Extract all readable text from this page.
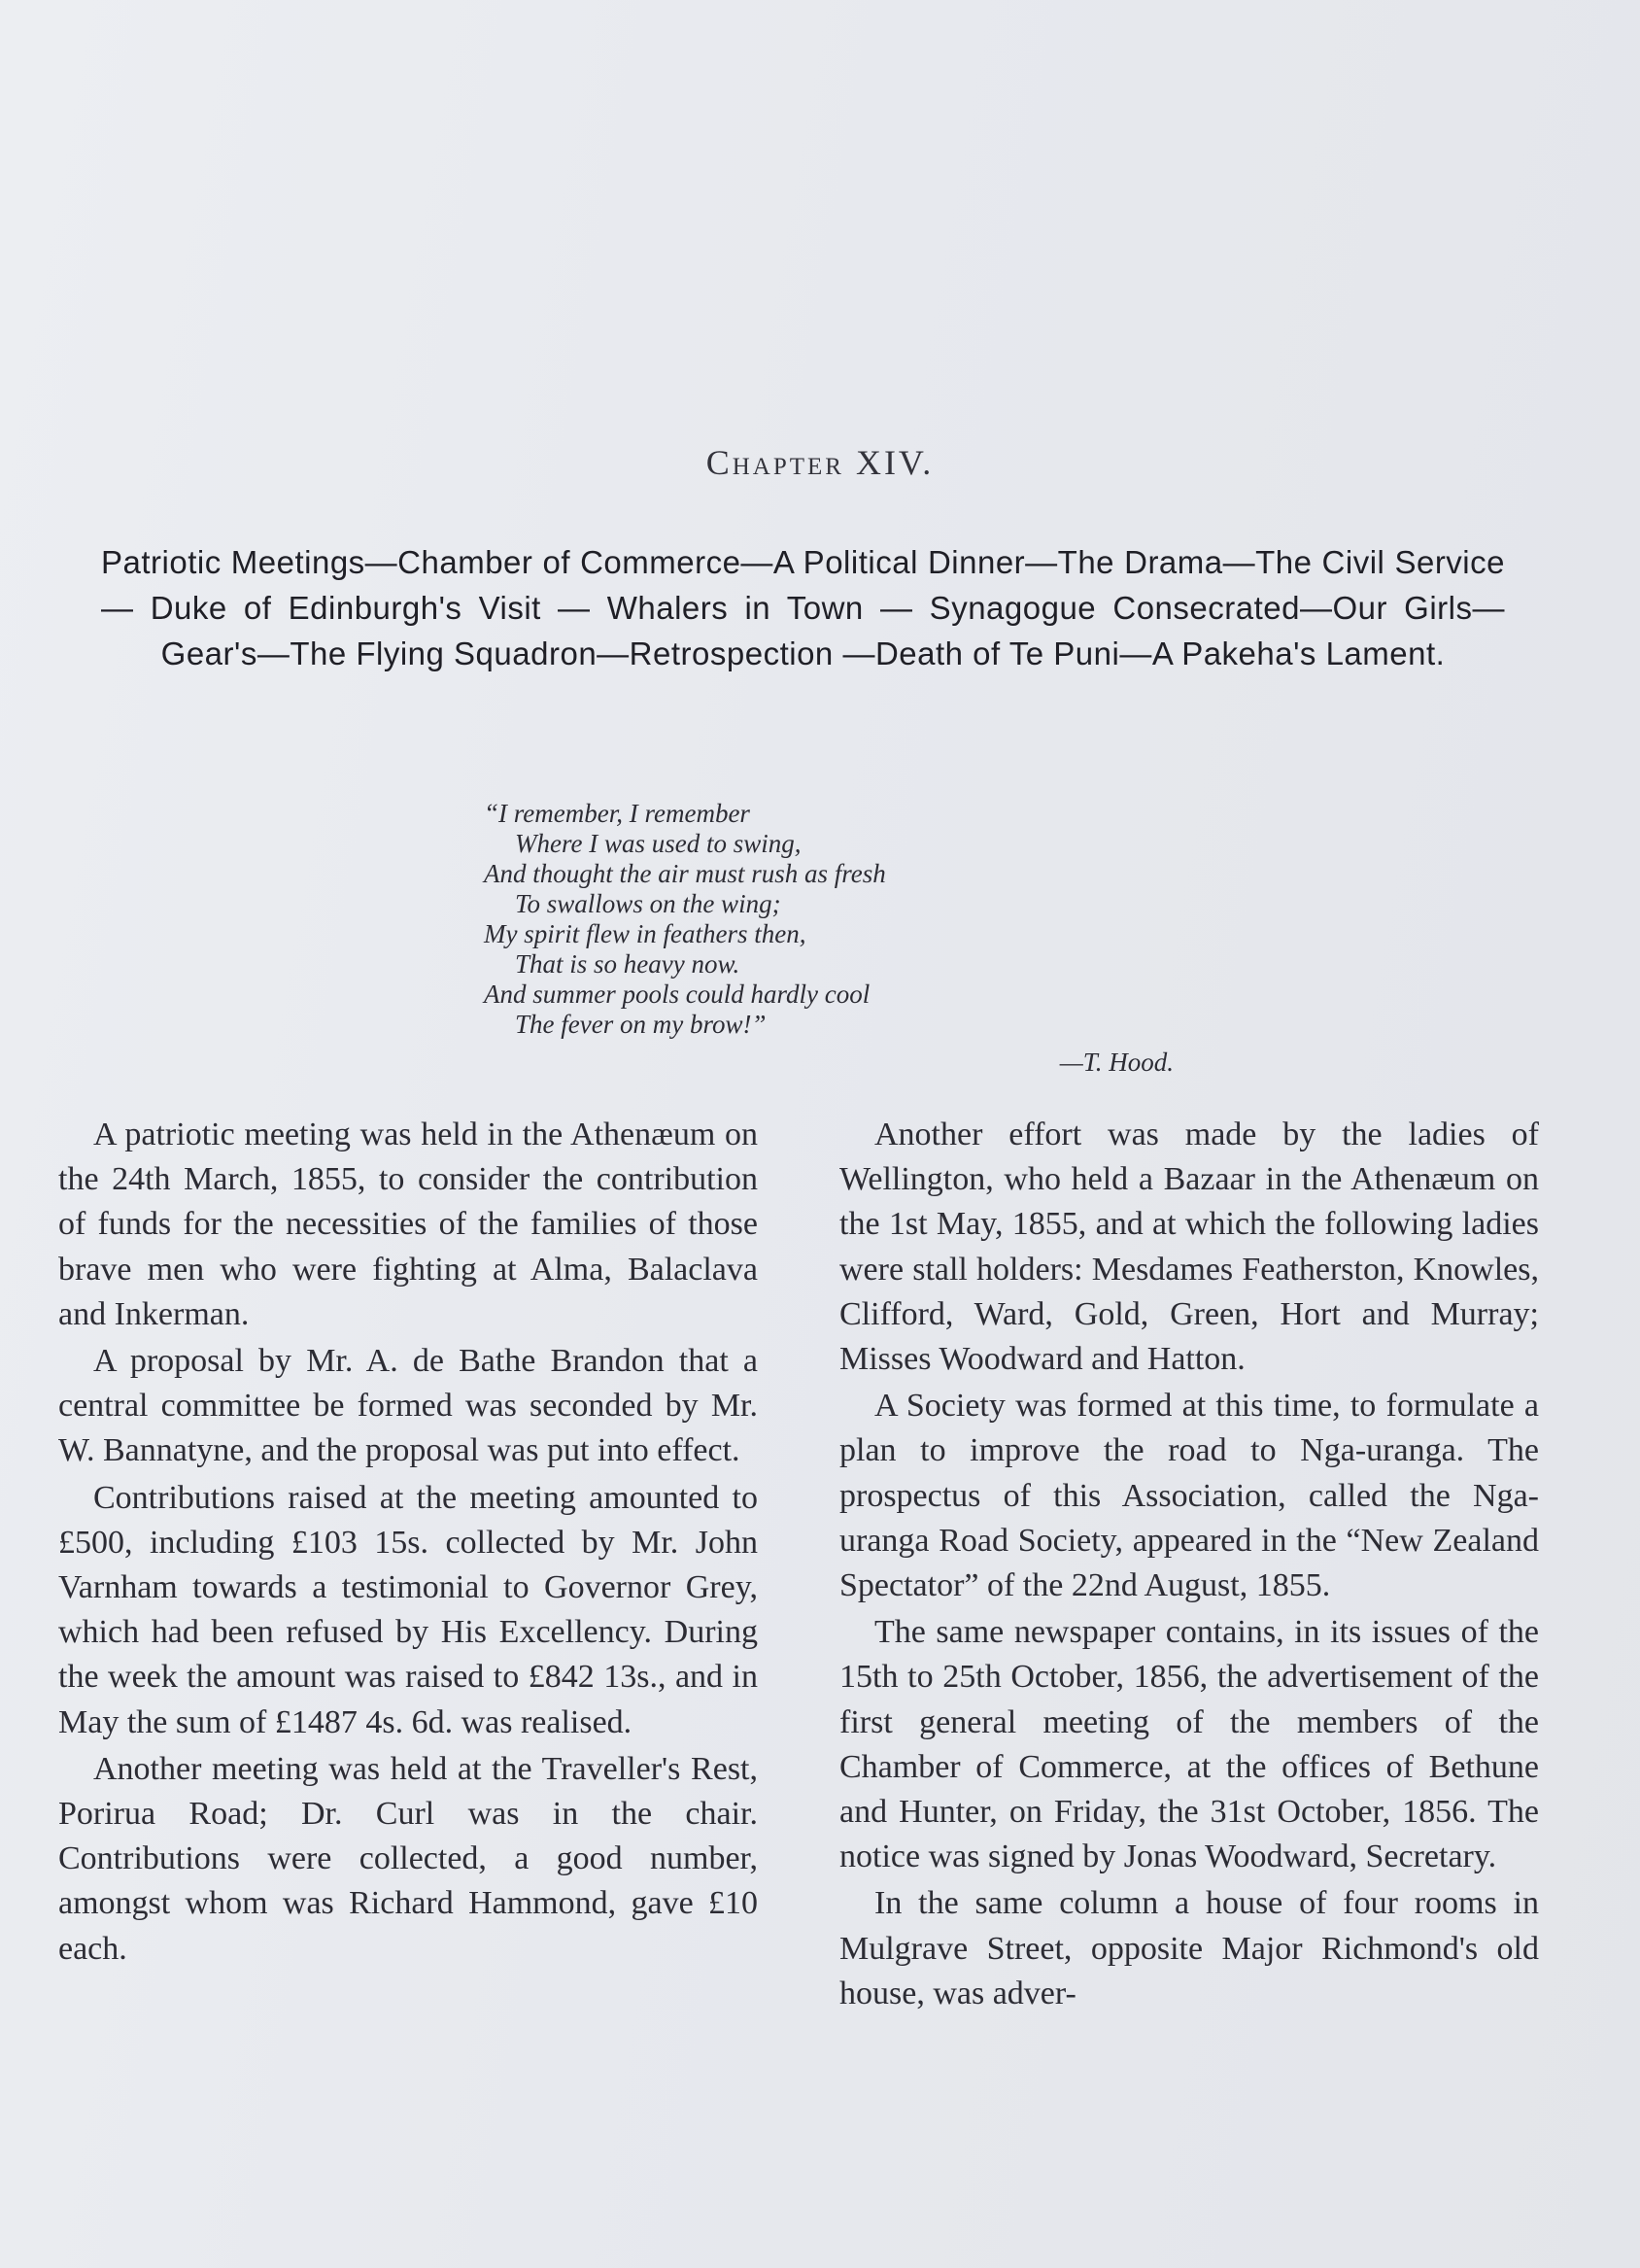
Chapter XIV.
Patriotic Meetings—Chamber of Commerce—A Political Dinner—The Drama—The Civil Service — Duke of Edinburgh's Visit — Whalers in Town — Synagogue Consecrated—Our Girls—Gear's—The Flying Squadron—Retrospection —Death of Te Puni—A Pakeha's Lament.
“I remember, I remember
Where I was used to swing,
And thought the air must rush as fresh
To swallows on the wing;
My spirit flew in feathers then,
That is so heavy now.
And summer pools could hardly cool
The fever on my brow!”
—T. Hood.

A patriotic meeting was held in the Athenæum on the 24th March, 1855, to consider the contribution of funds for the necessities of the families of those brave men who were fighting at Alma, Balaclava and Inkerman.

A proposal by Mr. A. de Bathe Brandon that a central committee be formed was seconded by Mr. W. Bannatyne, and the proposal was put into effect.

Contributions raised at the meeting amounted to £500, including £103 15s. collected by Mr. John Varnham towards a testimonial to Governor Grey, which had been refused by His Excellency. During the week the amount was raised to £842 13s., and in May the sum of £1487 4s. 6d. was realised.

Another meeting was held at the Traveller's Rest, Porirua Road; Dr. Curl was in the chair. Contributions were collected, a good number, amongst whom was Richard Hammond, gave £10 each.

Another effort was made by the ladies of Wellington, who held a Bazaar in the Athenæum on the 1st May, 1855, and at which the following ladies were stall holders: Mesdames Featherston, Knowles, Clifford, Ward, Gold, Green, Hort and Murray; Misses Woodward and Hatton.

A Society was formed at this time, to formulate a plan to improve the road to Nga-uranga. The prospectus of this Association, called the Nga-uranga Road Society, appeared in the “New Zealand Spectator” of the 22nd August, 1855.

The same newspaper contains, in its issues of the 15th to 25th October, 1856, the advertisement of the first general meeting of the members of the Chamber of Commerce, at the offices of Bethune and Hunter, on Friday, the 31st October, 1856. The notice was signed by Jonas Woodward, Secretary.

In the same column a house of four rooms in Mulgrave Street, opposite Major Richmond's old house, was adver-
